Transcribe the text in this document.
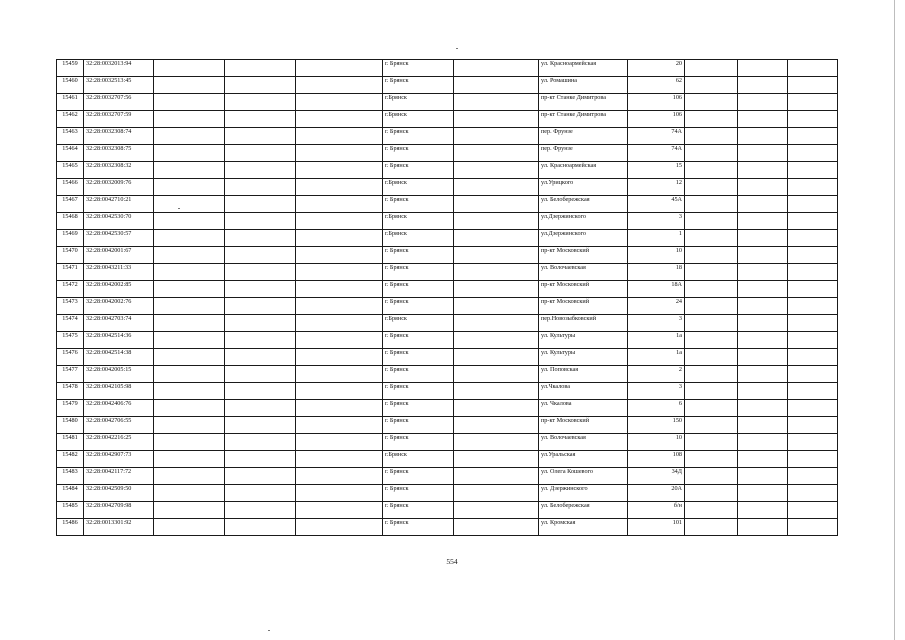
15459	32:28:0032013:94				г. Брянск		ул. Красноармейская	20			
15460	32:28:0032513:45				г. Брянск		ул. Ромашина	62			
15461	32:28:0032707:56				г.Брянск		пр-кт Станке Димитрова	106			
15462	32:28:0032707:59				г.Брянск		пр-кт Станке Димитрова	106			
15463	32:28:0032308:74				г. Брянск		пер. Фрунзе	74А			
15464	32:28:0032308:75				г. Брянск		пер. Фрунзе	74А			
15465	32:28:0032308:32				г. Брянск		ул. Красноармейская	15			
15466	32:28:0032009:76				г.Брянск		ул.Урицкого	12			
15467	32:28:0042710:21				г. Брянск		ул. Белобережская	45А			
15468	32:28:0042530:70				г.Брянск		ул.Дзержинского	3			
15469	32:28:0042530:57				г.Брянск		ул.Дзержинского	1			
15470	32:28:0042001:67				г. Брянск		пр-кт Московский	10			
15471	32:28:0043211:33				г. Брянск		ул. Волочаевская	18			
15472	32:28:0042002:85				г. Брянск		пр-кт Московский	18А			
15473	32:28:0042002:76				г. Брянск		пр-кт Московский	24			
15474	32:28:0042703:74				г.Брянск		пер.Новозыбковский	3			
15475	32:28:0042514:36				г. Брянск		ул. Культуры	1а			
15476	32:28:0042514:38				г. Брянск		ул. Культуры	1а			
15477	32:28:0042005:15				г. Брянск		ул. Поповская	2			
15478	32:28:0042105:98				г. Брянск		ул.Чкалова	3			
15479	32:28:0042406:76				г. Брянск		ул. Чкалова	6			
15480	32:28:0042706:55				г. Брянск		пр-кт Московский	150			
15481	32:28:0042216:25				г. Брянск		ул. Волочаевская	10			
15482	32:28:0042907:73				г.Брянск		ул.Уральская	108			
15483	32:28:0042117:72				г. Брянск		ул. Олега Кошевого	34Д			
15484	32:28:0042509:50				г. Брянск		ул. Дзержинского	20А			
15485	32:28:0042709:98				г. Брянск		ул. Белобережская	б/н			
15486	32:28:0013301:92				г. Брянск		ул. Кромская	101			
554
